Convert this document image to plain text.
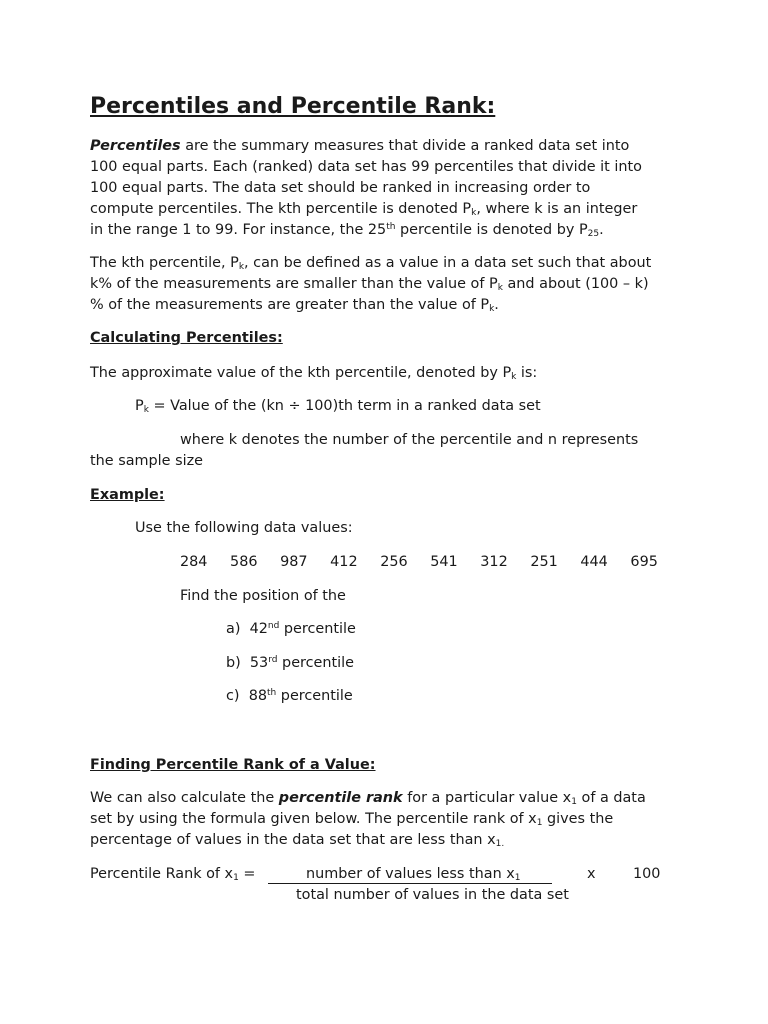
Percentiles and Percentile Rank:
Percentiles are the summary measures that divide a ranked data set into
100 equal parts. Each (ranked) data set has 99 percentiles that divide it into
100 equal parts. The data set should be ranked in increasing order to
compute percentiles. The kth percentile is denoted $P_k$, where k is an integer
in the range 1 to 99. For instance, the 25th percentile is denoted by $P_{25}$.
The kth percentile, $P_k$, can be defined as a value in a data set such that about
k% of the measurements are smaller than the value of $P_k$ and about (100 – k)
% of the measurements are greater than the value of $P_k$.
Calculating Percentiles:
The approximate value of the kth percentile, denoted by $P_k$ is:
$P_k$ = Value of the (kn ÷ 100)th term in a ranked data set
where k denotes the number of the percentile and n represents
the sample size
Example:
Use the following data values:
284 586 987 412 256 541 312 251 444 695
Find the position of the
a) 42nd percentile
b) 53rd percentile
c) 88th percentile
Finding Percentile Rank of a Value:
We can also calculate the percentile rank for a particular value $x_1$ of a data
set by using the formula given below. The percentile rank of $x_1$ gives the
percentage of values in the data set that are less than $x_{1.}$
Percentile Rank of $x_1$ =	number of values less than $x_1$	x	100
total number of values in the data set
